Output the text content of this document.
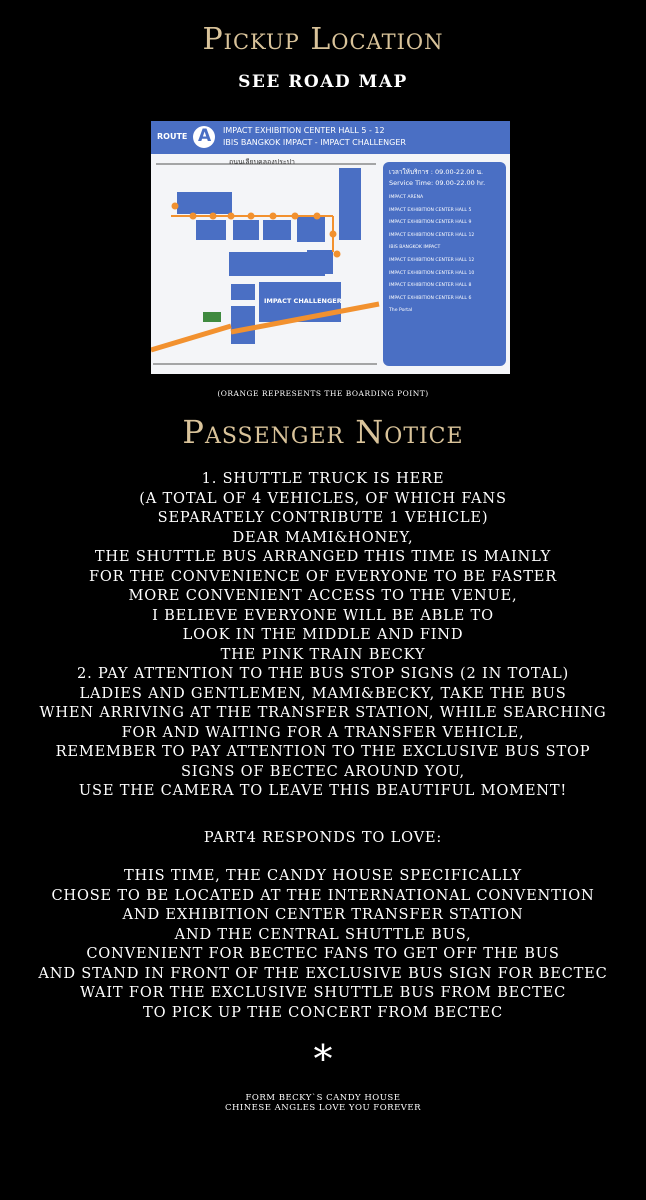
Pickup Location
SEE ROAD MAP
ROUTE A IMPACT EXHIBITION CENTER HALL 5 - 12
IBIS BANGKOK IMPACT - IMPACT CHALLENGER
ถนนเลียบคลองประปา
IMPACT CHALLENGER
เวลาให้บริการ : 09.00-22.00 น.
Service Time: 09.00-22.00 hr.
IMPACT ARENA
IMPACT EXHIBITION CENTER HALL 5
IMPACT EXHIBITION CENTER HALL 9
IMPACT EXHIBITION CENTER HALL 12
IBIS BANGKOK IMPACT
IMPACT EXHIBITION CENTER HALL 12
IMPACT EXHIBITION CENTER HALL 10
IMPACT EXHIBITION CENTER HALL 8
IMPACT EXHIBITION CENTER HALL 6
The Portal
(ORANGE REPRESENTS THE BOARDING POINT)
Passenger Notice
1. SHUTTLE TRUCK IS HERE
(A TOTAL OF 4 VEHICLES, OF WHICH FANS
SEPARATELY CONTRIBUTE 1 VEHICLE)
DEAR MAMI&HONEY,
THE SHUTTLE BUS ARRANGED THIS TIME IS MAINLY
FOR THE CONVENIENCE OF EVERYONE TO BE FASTER
MORE CONVENIENT ACCESS TO THE VENUE,
I BELIEVE EVERYONE WILL BE ABLE TO
LOOK IN THE MIDDLE AND FIND
THE PINK TRAIN BECKY
2. PAY ATTENTION TO THE BUS STOP SIGNS (2 IN TOTAL)
LADIES AND GENTLEMEN, MAMI&BECKY, TAKE THE BUS
WHEN ARRIVING AT THE TRANSFER STATION, WHILE SEARCHING
FOR AND WAITING FOR A TRANSFER VEHICLE,
REMEMBER TO PAY ATTENTION TO THE EXCLUSIVE BUS STOP
SIGNS OF BECTEC AROUND YOU,
USE THE CAMERA TO LEAVE THIS BEAUTIFUL MOMENT!
PART4 RESPONDS TO LOVE:
THIS TIME, THE CANDY HOUSE SPECIFICALLY
CHOSE TO BE LOCATED AT THE INTERNATIONAL CONVENTION
AND EXHIBITION CENTER TRANSFER STATION
AND THE CENTRAL SHUTTLE BUS,
CONVENIENT FOR BECTEC FANS TO GET OFF THE BUS
AND STAND IN FRONT OF THE EXCLUSIVE BUS SIGN FOR BECTEC
WAIT FOR THE EXCLUSIVE SHUTTLE BUS FROM BECTEC
TO PICK UP THE CONCERT FROM BECTEC
*
FORM BECKY`S CANDY HOUSE
CHINESE ANGLES LOVE YOU FOREVER
